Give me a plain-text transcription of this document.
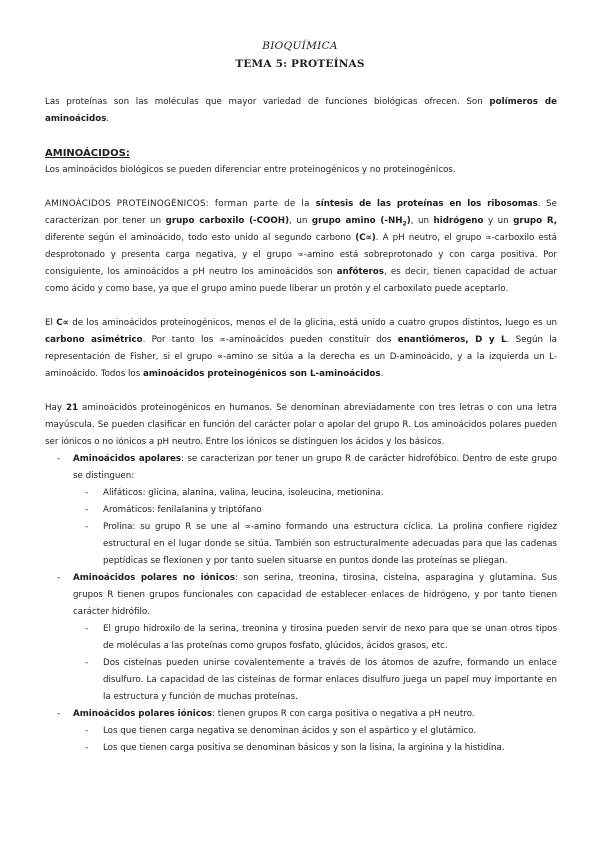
BIOQUÍMICA
TEMA 5: PROTEÍNAS

Las proteínas son las moléculas que mayor variedad de funciones biológicas ofrecen. Son polímeros de aminoácidos.

AMINOÁCIDOS:

Los aminoácidos biológicos se pueden diferenciar entre proteinogénicos y no proteinogénicos.

AMINOÁCIDOS PROTEINOGÉNICOS: forman parte de la síntesis de las proteínas en los ribosomas. Se caracterizan por tener un grupo carboxilo (-COOH), un grupo amino $(-NH_2)$, un hidrógeno y un grupo R, diferente según el aminoácido, todo esto unido al segundo carbono (C∝). A pH neutro, el grupo ∝-carboxilo está desprotonado y presenta carga negativa, y el grupo ∝-amino está sobreprotonado y con carga positiva. Por consiguiente, los aminoácidos a pH neutro los aminoácidos son anfóteros, es decir, tienen capacidad de actuar como ácido y como base, ya que el grupo amino puede liberar un protón y el carboxilato puede aceptarlo.

El C∝ de los aminoácidos proteinogénicos, menos el de la glicina, está unido a cuatro grupos distintos, luego es un carbono asimétrico. Por tanto los ∝-aminoácidos pueden constituir dos enantiómeros, D y L. Según la representación de Fisher, si el grupo ∝-amino se sitúa a la derecha es un D-aminoácido, y a la izquierda un L-aminoácido. Todos los aminoácidos proteinogénicos son L-aminoácidos.

Hay 21 aminoácidos proteinogénicos en humanos. Se denominan abreviadamente con tres letras o con una letra mayúscula. Se pueden clasificar en función del carácter polar o apolar del grupo R. Los aminoácidos polares pueden ser iónicos o no iónicos a pH neutro. Entre los iónicos se distinguen los ácidos y los básicos.
- Aminoácidos apolares: se caracterizan por tener un grupo R de carácter hidrofóbico. Dentro de este grupo se distinguen:
- Alifáticos: glicina, alanina, valina, leucina, isoleucina, metionina.
- Aromáticos: fenilalanina y triptófano
- Prolina: su grupo R se une al ∝-amino formando una estructura cíclica. La prolina confiere rigidez estructural en el lugar donde se sitúa. También son estructuralmente adecuadas para que las cadenas peptídicas se flexionen y por tanto suelen situarse en puntos donde las proteínas se pliegan.
- Aminoácidos polares no iónicos: son serina, treonina, tirosina, cisteína, asparagina y glutamina. Sus grupos R tienen grupos funcionales con capacidad de establecer enlaces de hidrógeno, y por tanto tienen carácter hidrófilo.
- El grupo hidroxilo de la serina, treonina y tirosina pueden servir de nexo para que se unan otros tipos de moléculas a las proteínas como grupos fosfato, glúcidos, ácidos grasos, etc.
- Dos cisteínas pueden unirse covalentemente a través de los átomos de azufre, formando un enlace disulfuro. La capacidad de las cisteínas de formar enlaces disulfuro juega un papel muy importante en la estructura y función de muchas proteínas.
- Aminoácidos polares iónicos: tienen grupos R con carga positiva o negativa a pH neutro.
- Los que tienen carga negativa se denominan ácidos y son el aspártico y el glutámico.
- Los que tienen carga positiva se denominan básicos y son la lisina, la arginina y la histidina.
